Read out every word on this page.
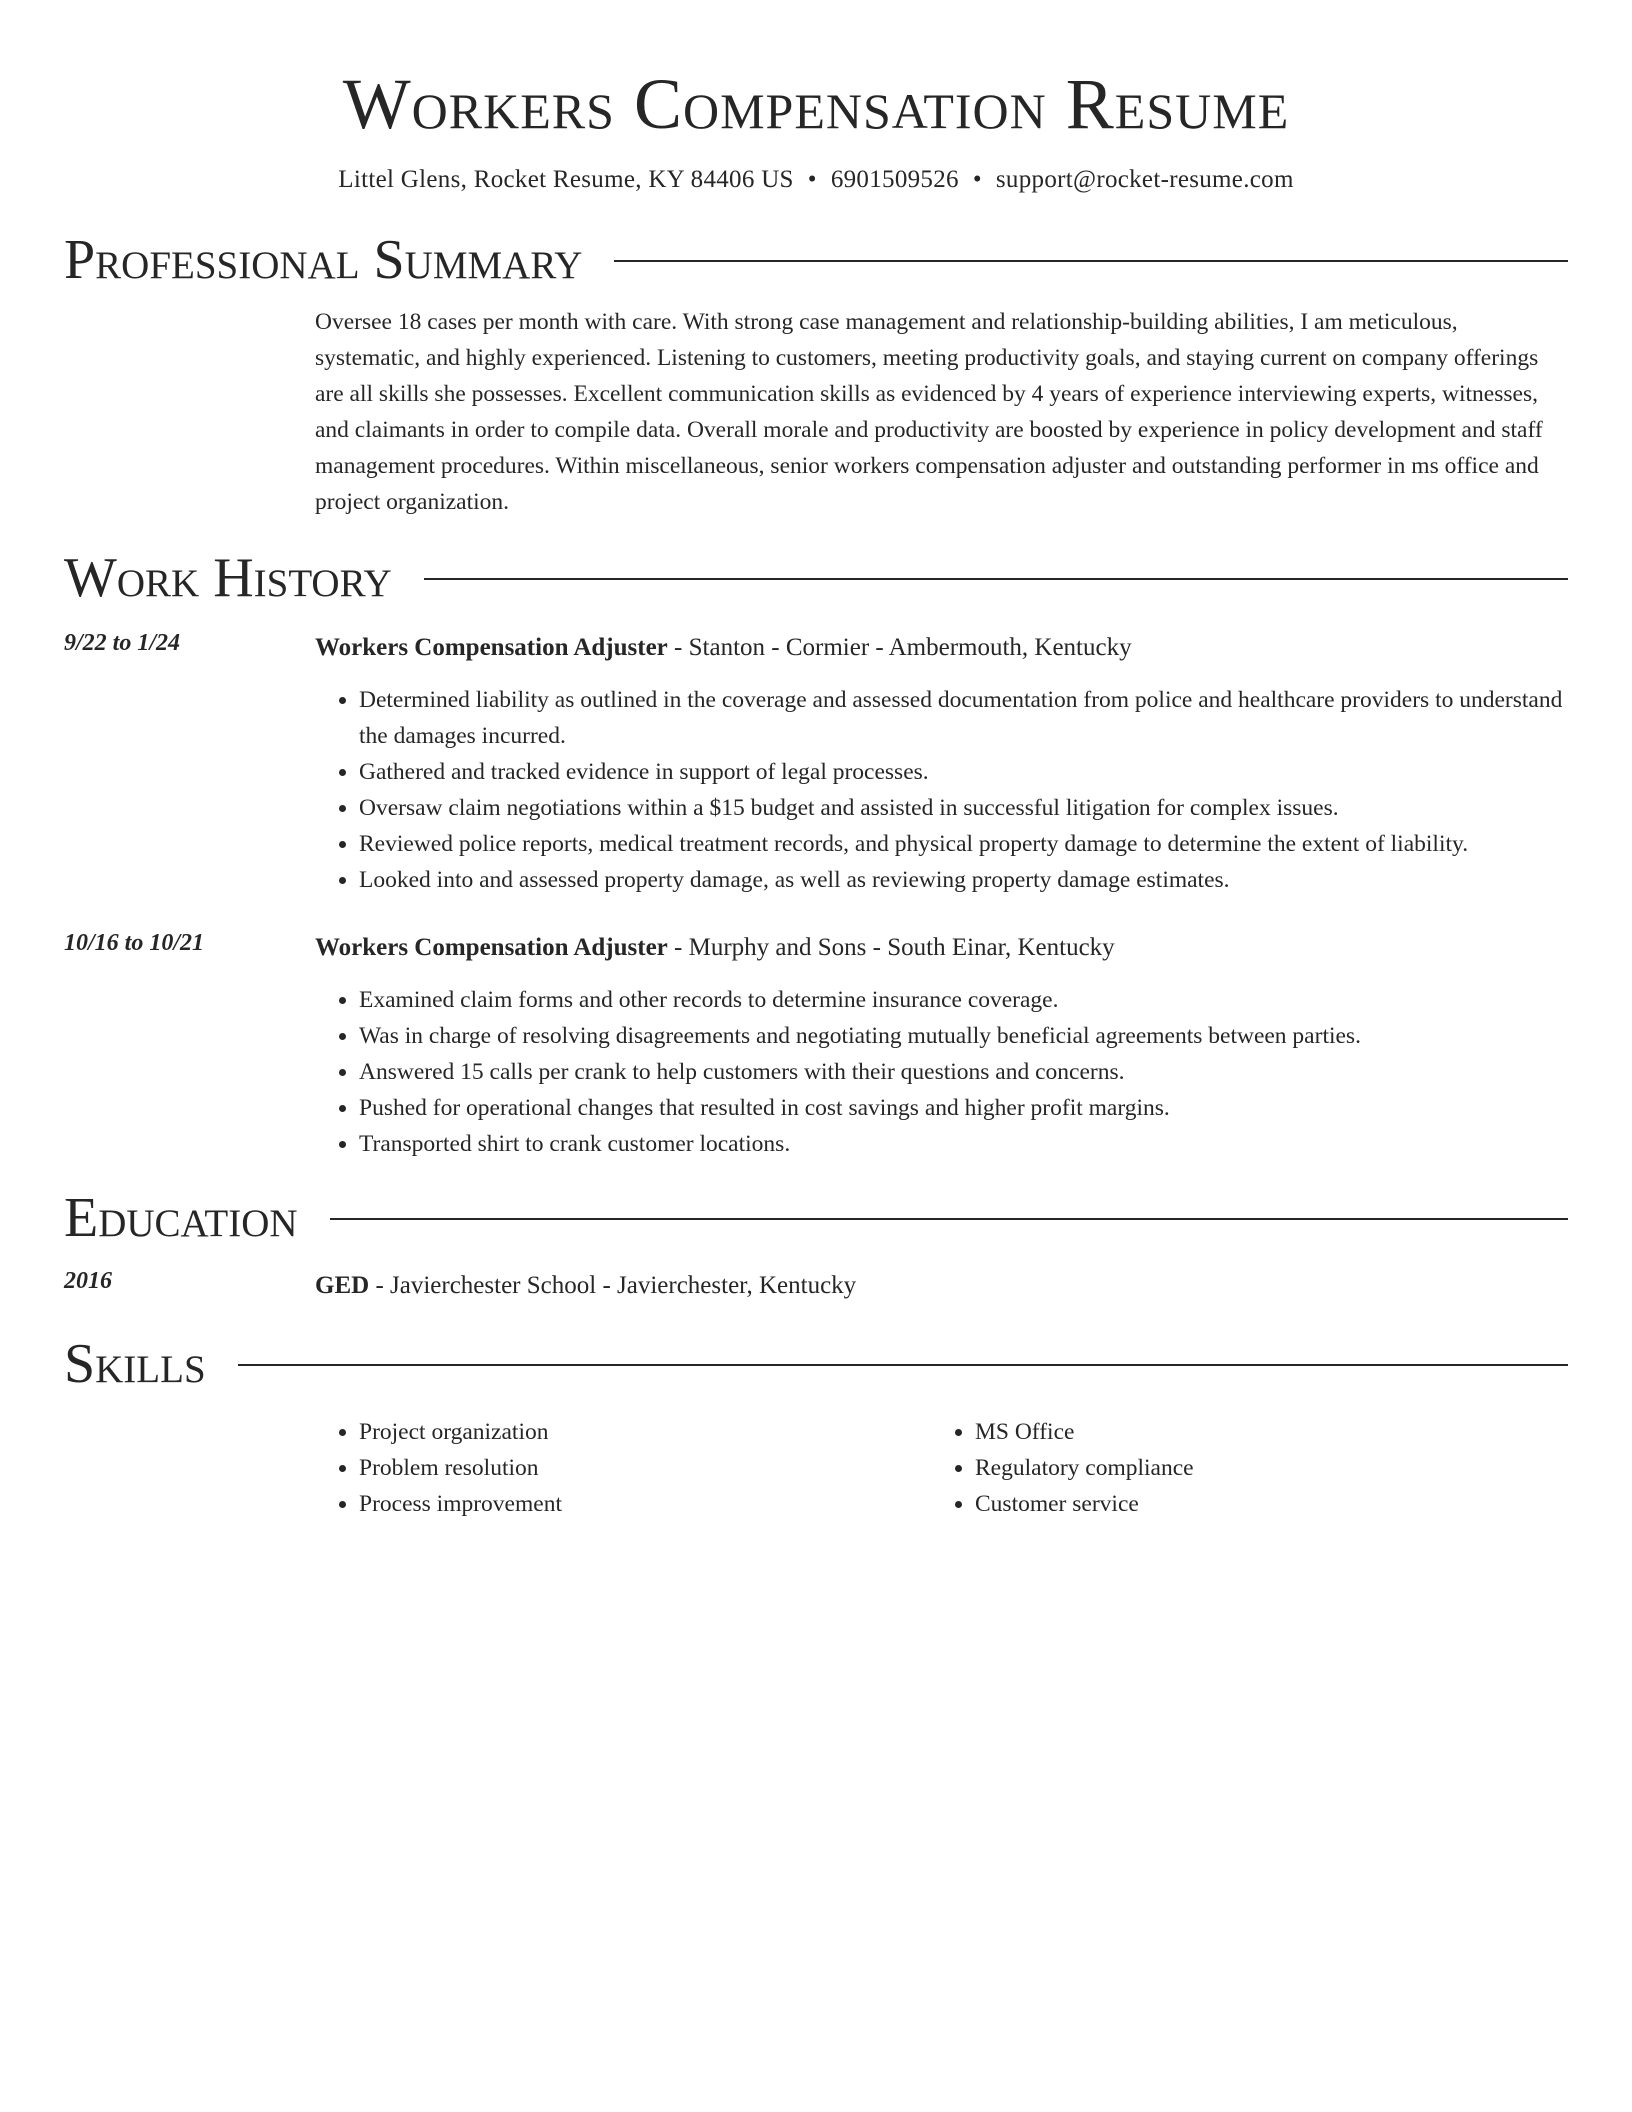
Workers Compensation Resume
Littel Glens, Rocket Resume, KY 84406 US • 6901509526 • support@rocket-resume.com
Professional Summary

Oversee 18 cases per month with care. With strong case management and relationship-building abilities, I am meticulous, systematic, and highly experienced. Listening to customers, meeting productivity goals, and staying current on company offerings are all skills she possesses. Excellent communication skills as evidenced by 4 years of experience interviewing experts, witnesses, and claimants in order to compile data. Overall morale and productivity are boosted by experience in policy development and staff management procedures. Within miscellaneous, senior workers compensation adjuster and outstanding performer in ms office and project organization.

Work History
9/22 to 1/24	Workers Compensation Adjuster - Stanton - Cormier - Ambermouth, Kentucky
• Determined liability as outlined in the coverage and assessed documentation from police and healthcare providers to understand the damages incurred.
• Gathered and tracked evidence in support of legal processes.
• Oversaw claim negotiations within a $15 budget and assisted in successful litigation for complex issues.
• Reviewed police reports, medical treatment records, and physical property damage to determine the extent of liability.
• Looked into and assessed property damage, as well as reviewing property damage estimates.
10/16 to 10/21	Workers Compensation Adjuster - Murphy and Sons - South Einar, Kentucky
• Examined claim forms and other records to determine insurance coverage.
• Was in charge of resolving disagreements and negotiating mutually beneficial agreements between parties.
• Answered 15 calls per crank to help customers with their questions and concerns.
• Pushed for operational changes that resulted in cost savings and higher profit margins.
• Transported shirt to crank customer locations.
Education
2016	GED - Javierchester School - Javierchester, Kentucky
Skills
• Project organization
• Problem resolution
• Process improvement
• MS Office
• Regulatory compliance
• Customer service
